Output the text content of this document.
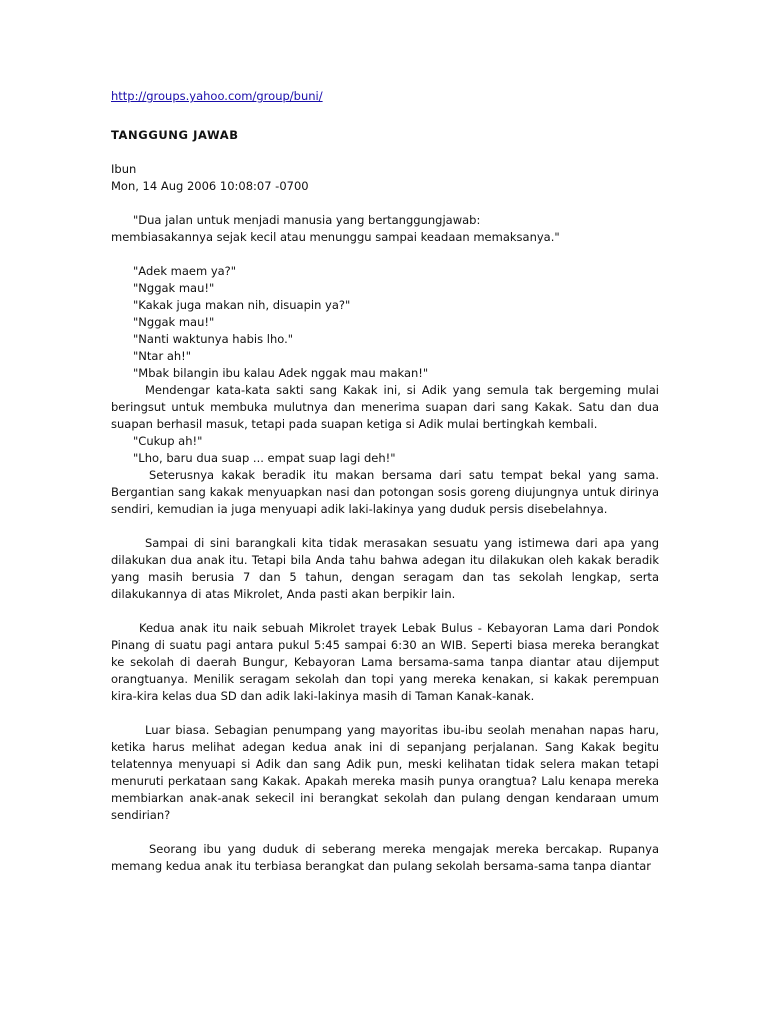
http://groups.yahoo.com/group/buni/
TANGGUNG JAWAB
Ibun
Mon, 14 Aug 2006 10:08:07 -0700
"Dua jalan untuk menjadi manusia yang bertanggungjawab:
membiasakannya sejak kecil atau menunggu sampai keadaan memaksanya."
"Adek maem ya?"
"Nggak mau!"
"Kakak juga makan nih, disuapin ya?"
"Nggak mau!"
"Nanti waktunya habis lho."
"Ntar ah!"
"Mbak bilangin ibu kalau Adek nggak mau makan!"

Mendengar kata-kata sakti sang Kakak ini, si Adik yang semula tak bergeming mulai beringsut untuk membuka mulutnya dan menerima suapan dari sang Kakak. Satu dan dua suapan berhasil masuk, tetapi pada suapan ketiga si Adik mulai bertingkah kembali.

"Cukup ah!"
"Lho, baru dua suap ... empat suap lagi deh!"

Seterusnya kakak beradik itu makan bersama dari satu tempat bekal yang sama. Bergantian sang kakak menyuapkan nasi dan potongan sosis goreng diujungnya untuk dirinya sendiri, kemudian ia juga menyuapi adik laki-lakinya yang duduk persis disebelahnya.

Sampai di sini barangkali kita tidak merasakan sesuatu yang istimewa dari apa yang dilakukan dua anak itu. Tetapi bila Anda tahu bahwa adegan itu dilakukan oleh kakak beradik yang masih berusia 7 dan 5 tahun, dengan seragam dan tas sekolah lengkap, serta dilakukannya di atas Mikrolet, Anda pasti akan berpikir lain.

Kedua anak itu naik sebuah Mikrolet trayek Lebak Bulus - Kebayoran Lama dari Pondok Pinang di suatu pagi antara pukul 5:45 sampai 6:30 an WIB. Seperti biasa mereka berangkat ke sekolah di daerah Bungur, Kebayoran Lama bersama-sama tanpa diantar atau dijemput orangtuanya. Menilik seragam sekolah dan topi yang mereka kenakan, si kakak perempuan kira-kira kelas dua SD dan adik laki-lakinya masih di Taman Kanak-kanak.

Luar biasa. Sebagian penumpang yang mayoritas ibu-ibu seolah menahan napas haru, ketika harus melihat adegan kedua anak ini di sepanjang perjalanan. Sang Kakak begitu telatennya menyuapi si Adik dan sang Adik pun, meski kelihatan tidak selera makan tetapi menuruti perkataan sang Kakak. Apakah mereka masih punya orangtua? Lalu kenapa mereka membiarkan anak-anak sekecil ini berangkat sekolah dan pulang dengan kendaraan umum sendirian?

Seorang ibu yang duduk di seberang mereka mengajak mereka bercakap. Rupanya memang kedua anak itu terbiasa berangkat dan pulang sekolah bersama-sama tanpa diantar
